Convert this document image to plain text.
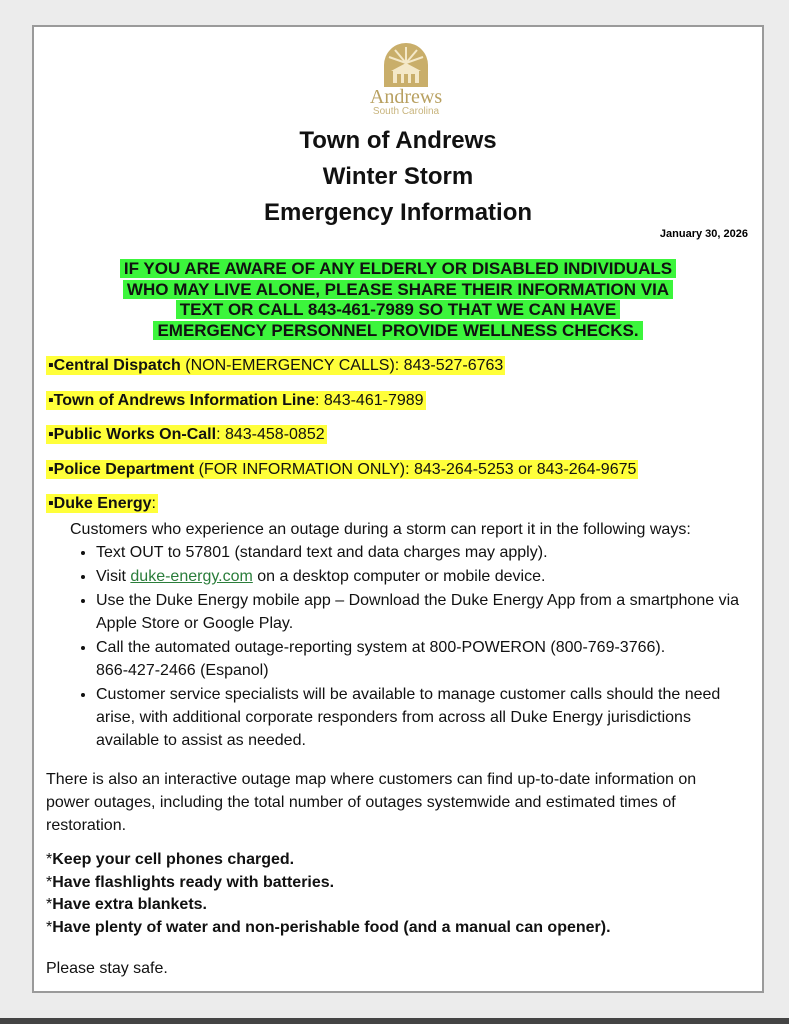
Andrews
South Carolina
Town of Andrews
Winter Storm
Emergency Information
January 30, 2026
IF YOU ARE AWARE OF ANY ELDERLY OR DISABLED INDIVIDUALS
WHO MAY LIVE ALONE, PLEASE SHARE THEIR INFORMATION VIA
TEXT OR CALL 843-461-7989 SO THAT WE CAN HAVE
EMERGENCY PERSONNEL PROVIDE WELLNESS CHECKS.
▪Central Dispatch (NON-EMERGENCY CALLS): 843-527-6763
▪Town of Andrews Information Line: 843-461-7989
▪Public Works On-Call: 843-458-0852
▪Police Department (FOR INFORMATION ONLY): 843-264-5253 or 843-264-9675
▪Duke Energy:
Customers who experience an outage during a storm can report it in the following ways:
• Text OUT to 57801 (standard text and data charges may apply).
• Visit duke-energy.com on a desktop computer or mobile device.
• Use the Duke Energy mobile app – Download the Duke Energy App from a smartphone via Apple Store or Google Play.
• Call the automated outage-reporting system at 800-POWERON (800-769-3766).
866-427-2466 (Espanol)
• Customer service specialists will be available to manage customer calls should the need arise, with additional corporate responders from across all Duke Energy jurisdictions available to assist as needed.
There is also an interactive outage map where customers can find up-to-date information on power outages, including the total number of outages systemwide and estimated times of restoration.
*Keep your cell phones charged.
*Have flashlights ready with batteries.
*Have extra blankets.
*Have plenty of water and non-perishable food (and a manual can opener).
Please stay safe.
